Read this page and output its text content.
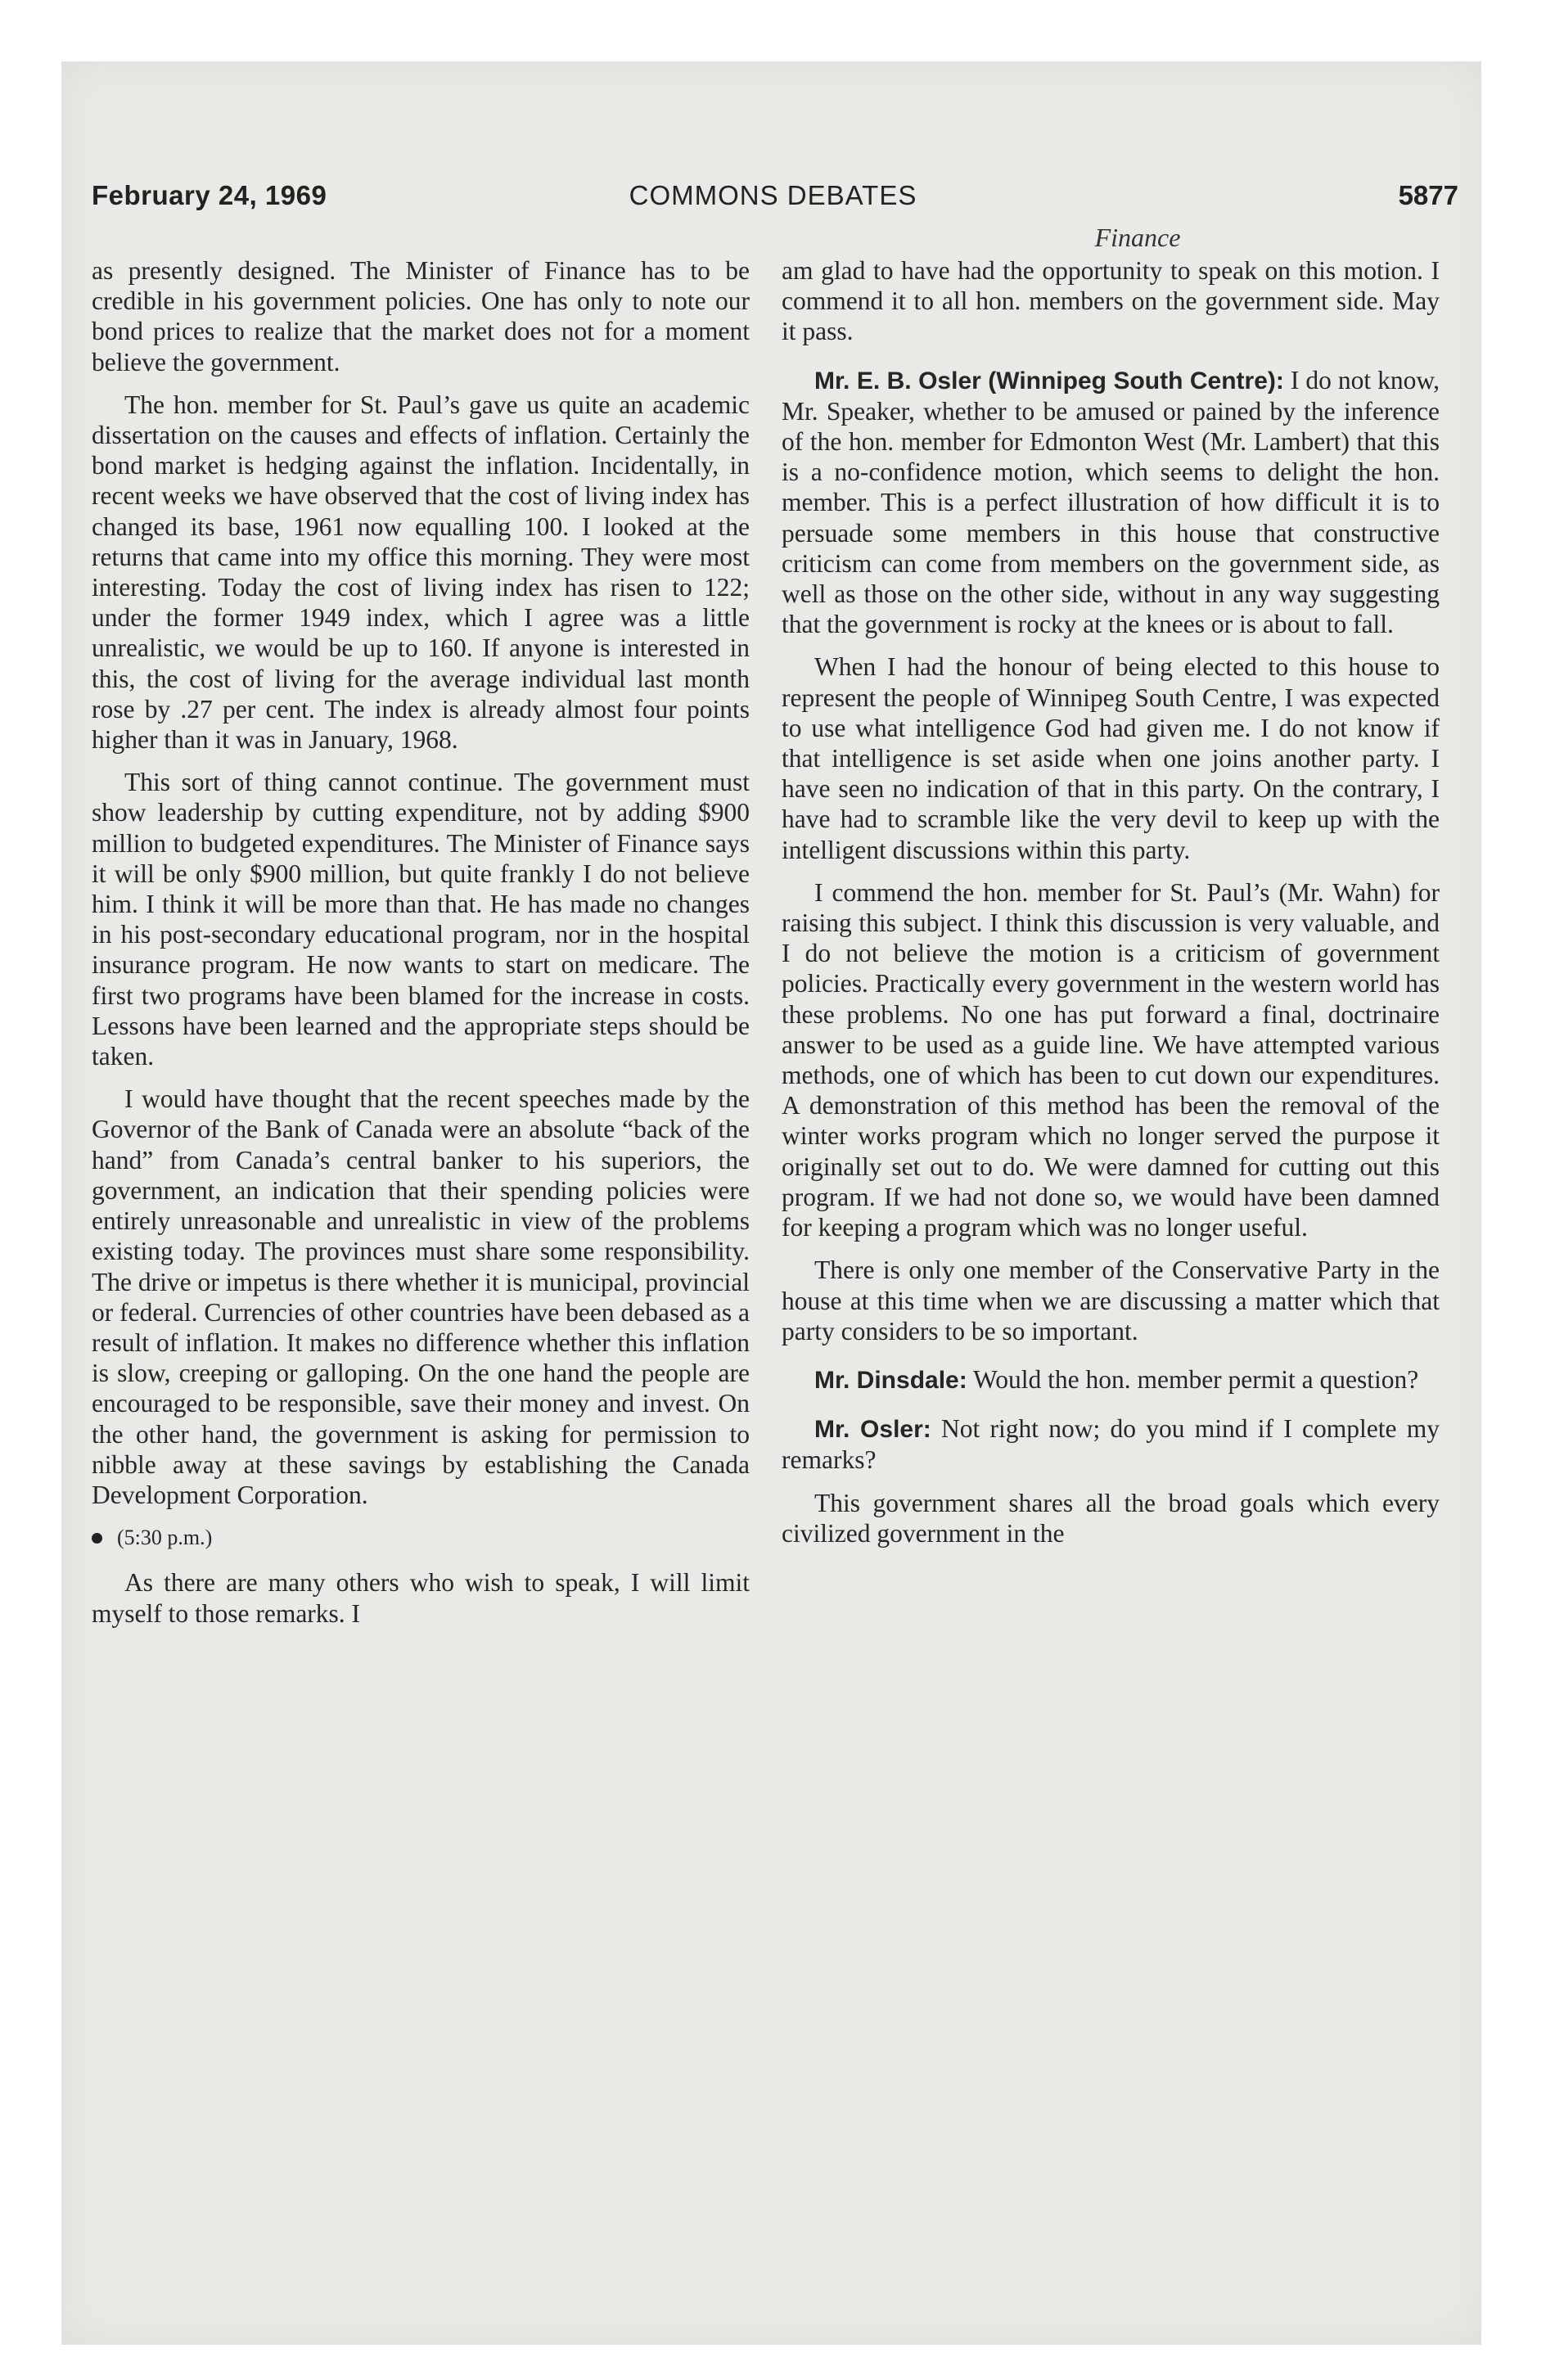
COMMONS DEBATES
February 24, 1969	5877
Finance

as presently designed. The Minister of Finance has to be credible in his government policies. One has only to note our bond prices to realize that the market does not for a moment believe the government.

The hon. member for St. Paul’s gave us quite an academic dissertation on the causes and effects of inflation. Certainly the bond market is hedging against the inflation. Incidentally, in recent weeks we have observed that the cost of living index has changed its base, 1961 now equalling 100. I looked at the returns that came into my office this morning. They were most interesting. Today the cost of living index has risen to 122; under the former 1949 index, which I agree was a little unrealistic, we would be up to 160. If anyone is interested in this, the cost of living for the average individual last month rose by .27 per cent. The index is already almost four points higher than it was in January, 1968.

This sort of thing cannot continue. The government must show leadership by cutting expenditure, not by adding $900 million to budgeted expenditures. The Minister of Finance says it will be only $900 million, but quite frankly I do not believe him. I think it will be more than that. He has made no changes in his post-secondary educational program, nor in the hospital insurance program. He now wants to start on medicare. The first two programs have been blamed for the increase in costs. Lessons have been learned and the appropriate steps should be taken.

I would have thought that the recent speeches made by the Governor of the Bank of Canada were an absolute “back of the hand” from Canada’s central banker to his superiors, the government, an indication that their spending policies were entirely unreasonable and unrealistic in view of the problems existing today. The provinces must share some responsibility. The drive or impetus is there whether it is municipal, provincial or federal. Currencies of other countries have been debased as a result of inflation. It makes no difference whether this inflation is slow, creeping or galloping. On the one hand the people are encouraged to be responsible, save their money and invest. On the other hand, the government is asking for permission to nibble away at these savings by establishing the Canada Development Corporation.

(5:30 p.m.)

As there are many others who wish to speak, I will limit myself to those remarks. I

am glad to have had the opportunity to speak on this motion. I commend it to all hon. members on the government side. May it pass.

Mr. E. B. Osler (Winnipeg South Centre): I do not know, Mr. Speaker, whether to be amused or pained by the inference of the hon. member for Edmonton West (Mr. Lambert) that this is a no-confidence motion, which seems to delight the hon. member. This is a perfect illustration of how difficult it is to persuade some members in this house that constructive criticism can come from members on the government side, as well as those on the other side, without in any way suggesting that the government is rocky at the knees or is about to fall.

When I had the honour of being elected to this house to represent the people of Winnipeg South Centre, I was expected to use what intelligence God had given me. I do not know if that intelligence is set aside when one joins another party. I have seen no indication of that in this party. On the contrary, I have had to scramble like the very devil to keep up with the intelligent discussions within this party.

I commend the hon. member for St. Paul’s (Mr. Wahn) for raising this subject. I think this discussion is very valuable, and I do not believe the motion is a criticism of government policies. Practically every government in the western world has these problems. No one has put forward a final, doctrinaire answer to be used as a guide line. We have attempted various methods, one of which has been to cut down our expenditures. A demonstration of this method has been the removal of the winter works program which no longer served the purpose it originally set out to do. We were damned for cutting out this program. If we had not done so, we would have been damned for keeping a program which was no longer useful.

There is only one member of the Conservative Party in the house at this time when we are discussing a matter which that party considers to be so important.

Mr. Dinsdale: Would the hon. member permit a question?

Mr. Osler: Not right now; do you mind if I complete my remarks?

This government shares all the broad goals which every civilized government in the
